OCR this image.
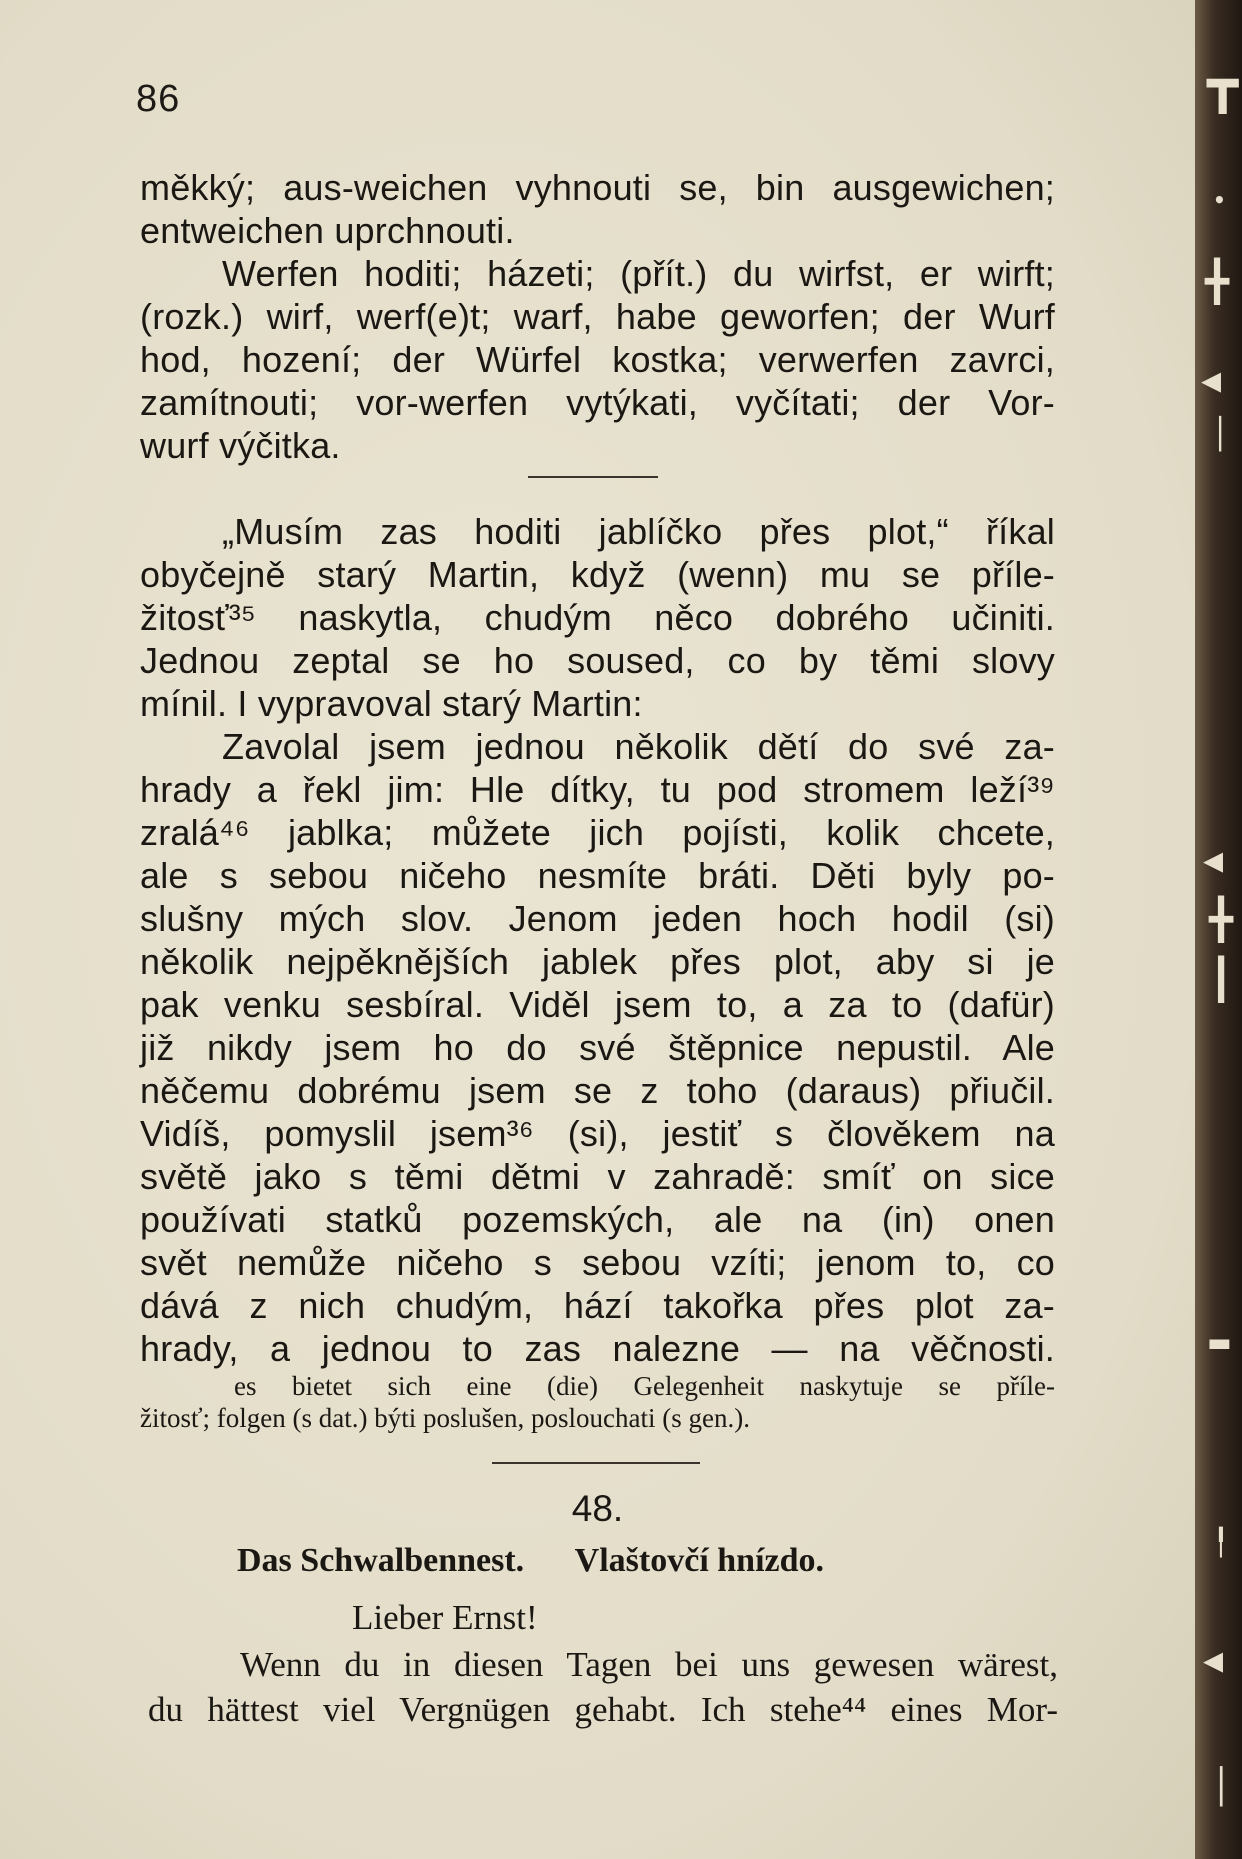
86
měkký; aus-weichen vyhnouti se, bin ausgewichen;
entweichen uprchnouti.
Werfen hoditi; házeti; (přít.) du wirfst, er wirft;
(rozk.) wirf, werf(e)t; warf, habe geworfen; der Wurf
hod, hození; der Würfel kostka; verwerfen zavrci,
zamítnouti; vor-werfen vytýkati, vyčítati; der Vor-
wurf výčitka.
„Musím zas hoditi jablíčko přes plot,“ říkal
obyčejně starý Martin, když (wenn) mu se příle-
žitosť³⁵ naskytla, chudým něco dobrého učiniti.
Jednou zeptal se ho soused, co by těmi slovy
mínil. I vypravoval starý Martin:
Zavolal jsem jednou několik dětí do své za-
hrady a řekl jim: Hle dítky, tu pod stromem leží³⁹
zralá⁴⁶ jablka; můžete jich pojísti, kolik chcete,
ale s sebou ničeho nesmíte bráti. Děti byly po-
slušny mých slov. Jenom jeden hoch hodil (si)
několik nejpěknějších jablek přes plot, aby si je
pak venku sesbíral. Viděl jsem to, a za to (dafür)
již nikdy jsem ho do své štěpnice nepustil. Ale
něčemu dobrému jsem se z toho (daraus) přiučil.
Vidíš, pomyslil jsem³⁶ (si), jestiť s člověkem na
světě jako s těmi dětmi v zahradě: smíť on sice
používati statků pozemských, ale na (in) onen
svět nemůže ničeho s sebou vzíti; jenom to, co
dává z nich chudým, hází takořka přes plot za-
hrady, a jednou to zas nalezne — na věčnosti.
es bietet sich eine (die) Gelegenheit naskytuje se příle-
žitosť; folgen (s dat.) býti poslušen, poslouchati (s gen.).
48.
Das Schwalbennest. Vlaštovčí hnízdo.
Lieber Ernst!
Wenn du in diesen Tagen bei uns gewesen wärest,
du hättest viel Vergnügen gehabt. Ich stehe⁴⁴ eines Mor-
┳
•
╋
◂
│
◂
╋
┃
▬
╿
◂
│
